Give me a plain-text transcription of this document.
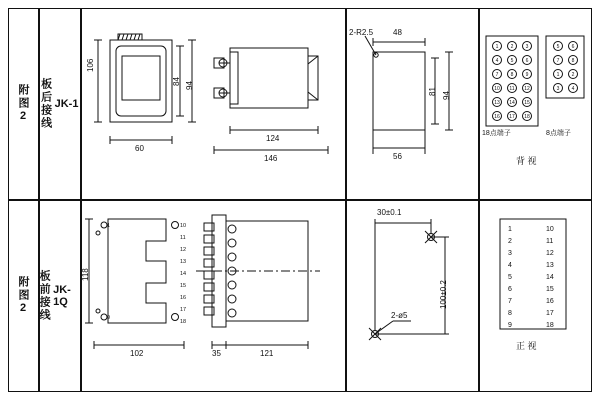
附图2 JK-1
板后接线
106
84 94
60
124
146
2-R2.5 48
81 94
56
1 2 3
4 5 6
7 8 9
10 11 12
13 14 15
16 17 18
5 6
7 8
1 2
3 4
18点端子	8点端子
背 视
附图2 JK-1Q
板前接线
1
9
10
11
12
13
14
15
16
17
18
118
102	35	121
30±0.1
100±0.2
2-ø5
1	10
2	11
3	12
4	13
5	14
6	15
7	16
8	17
9	18
正 视
